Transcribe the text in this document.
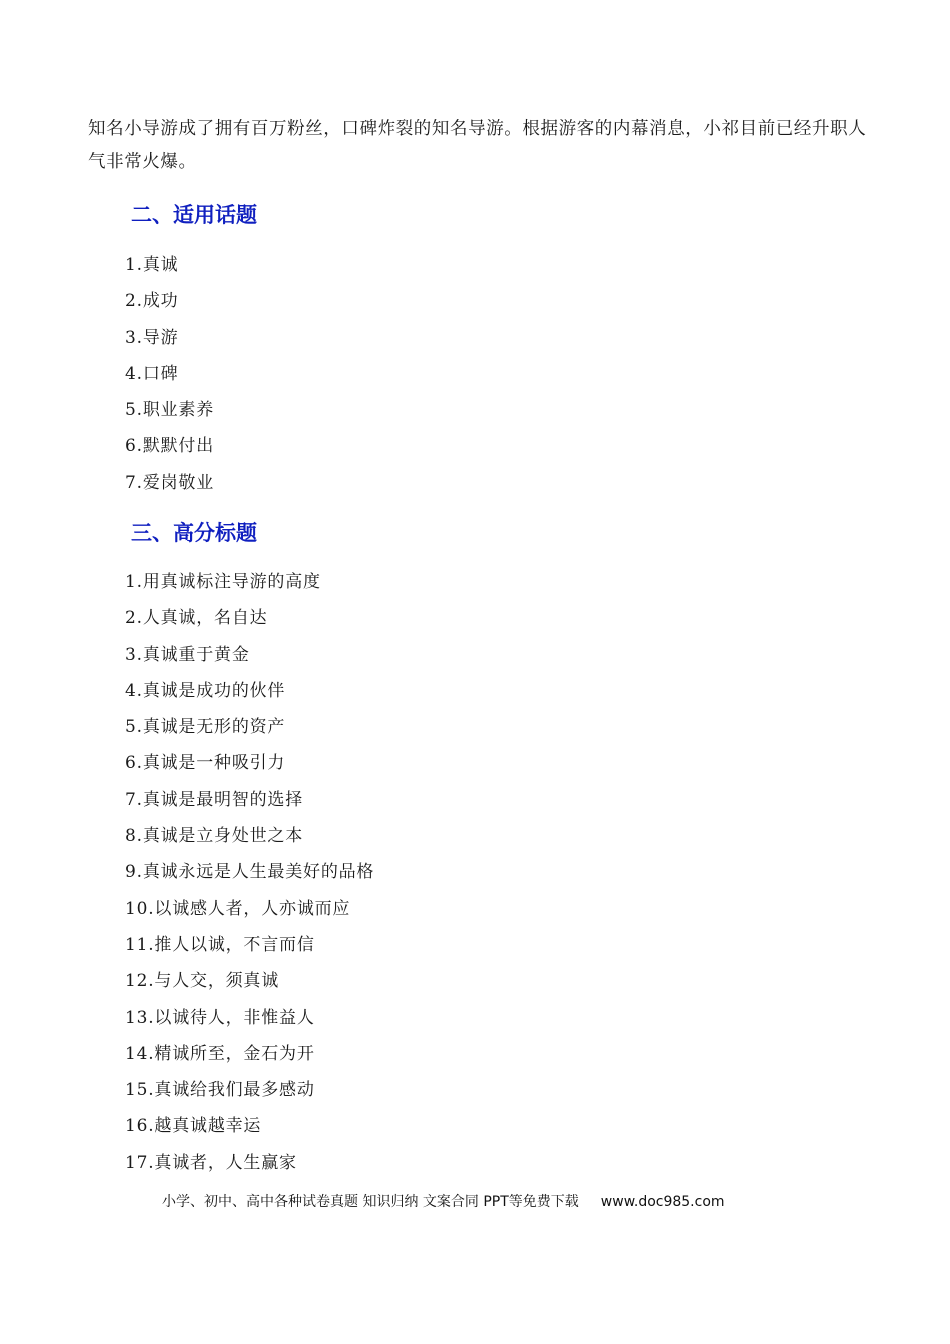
知名小导游成了拥有百万粉丝，口碑炸裂的知名导游。根据游客的内幕消息，小祁目前已经升职人气非常火爆。

二、适用话题
1.真诚
2.成功
3.导游
4.口碑
5.职业素养
6.默默付出
7.爱岗敬业
三、高分标题
1.用真诚标注导游的高度
2.人真诚，名自达
3.真诚重于黄金
4.真诚是成功的伙伴
5.真诚是无形的资产
6.真诚是一种吸引力
7.真诚是最明智的选择
8.真诚是立身处世之本
9.真诚永远是人生最美好的品格
10.以诚感人者，人亦诚而应
11.推人以诚，不言而信
12.与人交，须真诚
13.以诚待人，非惟益人
14.精诚所至，金石为开
15.真诚给我们最多感动
16.越真诚越幸运
17.真诚者，人生赢家
小学、初中、高中各种试卷真题 知识归纳 文案合同 PPT等免费下载 www.doc985.com
